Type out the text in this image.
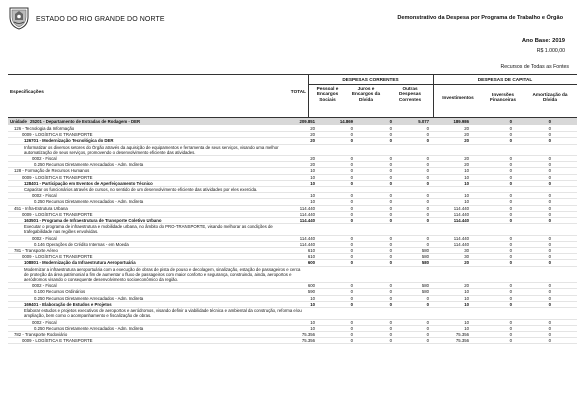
ESTADO DO RIO GRANDE DO NORTE	Demonstrativo da Despesa por Programa de Trabalho e Órgão
Ano Base: 2019
R$ 1.000,00
Recursos de Todas as Fontes
DESPESAS CORRENTES	DESPESAS DE CAPITAL
Especificações	TOTAL
Pessoal e Encargos Sociais
Juros e Encargos da Dívida
Outras Despesas Correntes	Investimentos
Inversões Financeiras
Amortização da Dívida
Unidade 25201 - Departamento de Estradas de Rodagem - DER	209.851	14.869	0	5.077	189.986	0	0
126 - Tecnologia da Informação	20	0	0	0	20	0	0
0009 - LOGÍSTICA E TRANSPORTE	20	0	0	0	20	0	0
126701 - Modernização Tecnológica do DER	20	0	0	0	20	0	0
Informatizar os diversos setores do Órgão através da aquisição de equipamentos e ferramenta de seus serviços, visando uma melhor automatização de seus serviços, promovendo o desenvolvimento eficiente das atividades.
0002 - Fiscal	20	0	0	0	20	0	0
0.250 Recursos Diretamente Arrecadados - Adm. Indireta	20	0	0	0	20	0	0
128 - Formação de Recursos Humanos	10	0	0	0	10	0	0
0009 - LOGÍSTICA E TRANSPORTE	10	0	0	0	10	0	0
128401 - Participação em Eventos de Aperfeiçoamento Técnico	10	0	0	0	10	0	0
Capacitar os funcionários através de cursos, no sentido de um desenvolvimento eficiente das atividades por eles exercida.
0002 - Fiscal	10	0	0	0	10	0	0
0.250 Recursos Diretamente Arrecadados - Adm. Indireta	10	0	0	0	10	0	0
451 - Infra-Estrutura Urbana	114.440	0	0	0	114.440	0	0
0009 - LOGÍSTICA E TRANSPORTE	114.440	0	0	0	114.440	0	0
163501 - Programa de Infraestrutura de Transporte Coletivo Urbano	114.440	0	0	0	114.440	0	0
Executar o programa de infraestrutura e mobilidade urbana, no âmbito do PRO-TRANSPORTE, visando melhorar as condições de trafegabilidade nas regiões envolvidas.
0002 - Fiscal	114.440	0	0	0	114.440	0	0
0.146 Operações de Crédito Internas - em Moeda	114.440	0	0	0	114.440	0	0
781 - Transporte Aéreo	610	0	0	580	30	0	0
0009 - LOGÍSTICA E TRANSPORTE	610	0	0	580	30	0	0
108801 - Modernização da Infraestrutura Aeroportuária	600	0	0	580	20	0	0
Modernizar a infraestrutura aeroportuária com a execução de obras de pista de pouso e decolagem, sinalização, estação de passageiros e cerca de proteção da área patrimonial a fim de aumentar o fluxo de passageiros com maior conforto e segurança, construindo, ainda, aeroportos e aeródromos visando o consequente desenvolvimento socioeconômico da região.
0002 - Fiscal	600	0	0	580	20	0	0
0.100 Recursos Ordinários	590	0	0	580	10	0	0
0.250 Recursos Diretamente Arrecadados - Adm. Indireta	10	0	0	0	10	0	0
169401 - Elaboração de Estudos e Projetos	10	0	0	0	10	0	0
Elaborar estudos e projetos executivos de aeroportos e aeródromos, visando definir a viabilidade técnica e ambiental da construção, reforma e/ou ampliação, bem como o acompanhamento e fiscalização de obras.
0002 - Fiscal	10	0	0	0	10	0	0
0.250 Recursos Diretamente Arrecadados - Adm. Indireta	10	0	0	0	10	0	0
782 - Transporte Rodoviário	75.356	0	0	0	75.356	0	0
0009 - LOGÍSTICA E TRANSPORTE	75.356	0	0	0	75.356	0	0
